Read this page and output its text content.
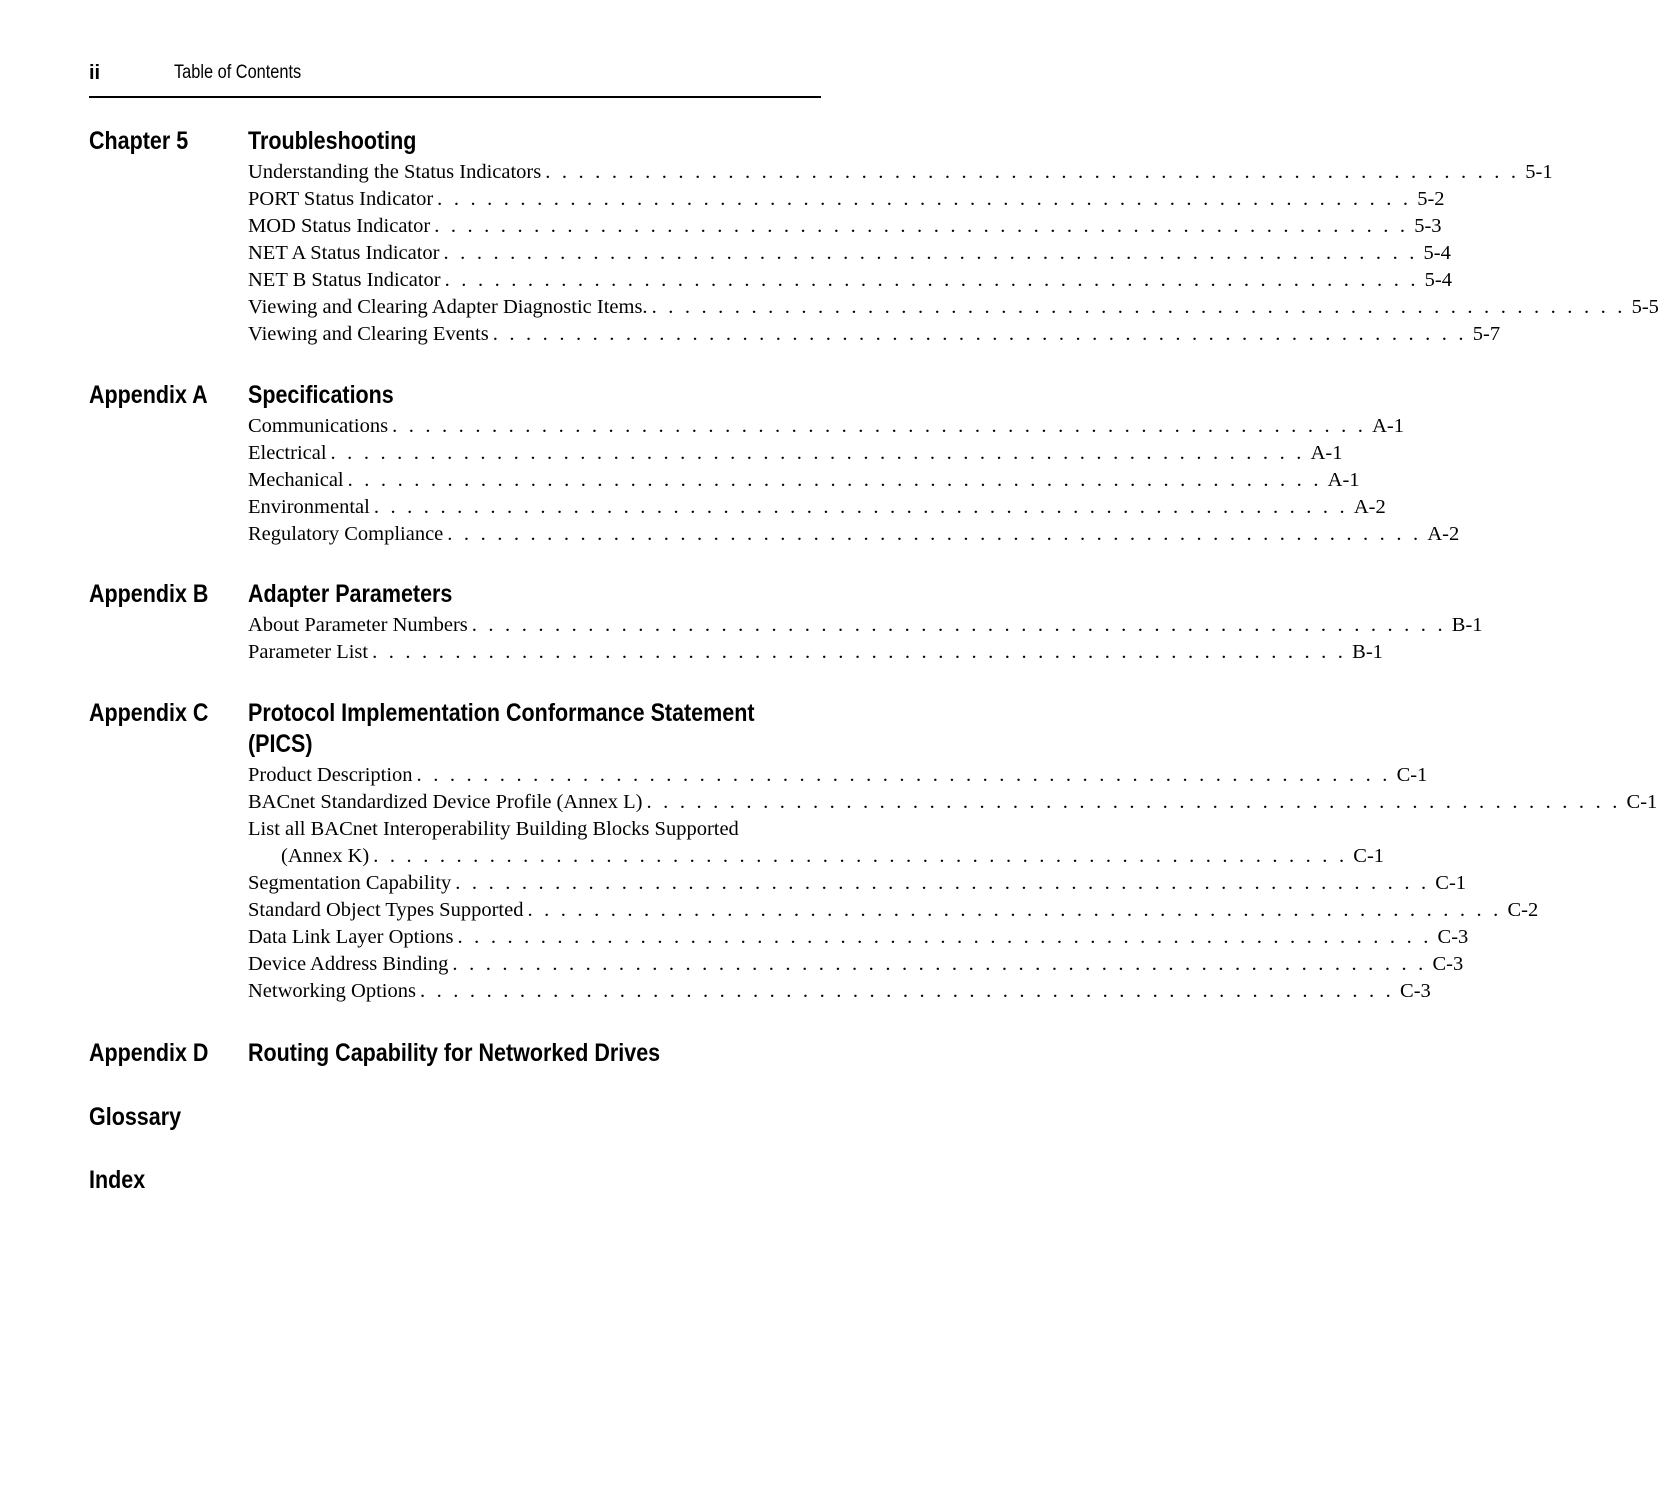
ii	Table of Contents
Chapter 5 Troubleshooting
Understanding the Status Indicators . . . . . . . . . . . . . . . . . . . . . . . . . . . . . . . . . . . . . . . . . . . . . . . . . . . . . . . . . . . 5-1
PORT Status Indicator . . . . . . . . . . . . . . . . . . . . . . . . . . . . . . . . . . . . . . . . . . . . . . . . . . . . . . . . . . . 5-2
MOD Status Indicator . . . . . . . . . . . . . . . . . . . . . . . . . . . . . . . . . . . . . . . . . . . . . . . . . . . . . . . . . . . 5-3
NET A Status Indicator . . . . . . . . . . . . . . . . . . . . . . . . . . . . . . . . . . . . . . . . . . . . . . . . . . . . . . . . . . . 5-4
NET B Status Indicator . . . . . . . . . . . . . . . . . . . . . . . . . . . . . . . . . . . . . . . . . . . . . . . . . . . . . . . . . . . 5-4
Viewing and Clearing Adapter Diagnostic Items. . . . . . . . . . . . . . . . . . . . . . . . . . . . . . . . . . . . . . . . . . . . . . . . . . . . . . . . . . . . 5-5
Viewing and Clearing Events . . . . . . . . . . . . . . . . . . . . . . . . . . . . . . . . . . . . . . . . . . . . . . . . . . . . . . . . . . . 5-7
Appendix A Specifications
Communications . . . . . . . . . . . . . . . . . . . . . . . . . . . . . . . . . . . . . . . . . . . . . . . . . . . . . . . . . . . A-1
Electrical . . . . . . . . . . . . . . . . . . . . . . . . . . . . . . . . . . . . . . . . . . . . . . . . . . . . . . . . . . . A-1
Mechanical . . . . . . . . . . . . . . . . . . . . . . . . . . . . . . . . . . . . . . . . . . . . . . . . . . . . . . . . . . . A-1
Environmental . . . . . . . . . . . . . . . . . . . . . . . . . . . . . . . . . . . . . . . . . . . . . . . . . . . . . . . . . . . A-2
Regulatory Compliance . . . . . . . . . . . . . . . . . . . . . . . . . . . . . . . . . . . . . . . . . . . . . . . . . . . . . . . . . . . A-2
Appendix B Adapter Parameters
About Parameter Numbers . . . . . . . . . . . . . . . . . . . . . . . . . . . . . . . . . . . . . . . . . . . . . . . . . . . . . . . . . . . B-1
Parameter List . . . . . . . . . . . . . . . . . . . . . . . . . . . . . . . . . . . . . . . . . . . . . . . . . . . . . . . . . . . B-1
Appendix C Protocol Implementation Conformance Statement (PICS)
Product Description . . . . . . . . . . . . . . . . . . . . . . . . . . . . . . . . . . . . . . . . . . . . . . . . . . . . . . . . . . . C-1
BACnet Standardized Device Profile (Annex L) . . . . . . . . . . . . . . . . . . . . . . . . . . . . . . . . . . . . . . . . . . . . . . . . . . . . . . . . . . . C-1
List all BACnet Interoperability Building Blocks Supported
(Annex K) . . . . . . . . . . . . . . . . . . . . . . . . . . . . . . . . . . . . . . . . . . . . . . . . . . . . . . . . . . . C-1
Segmentation Capability . . . . . . . . . . . . . . . . . . . . . . . . . . . . . . . . . . . . . . . . . . . . . . . . . . . . . . . . . . . C-1
Standard Object Types Supported . . . . . . . . . . . . . . . . . . . . . . . . . . . . . . . . . . . . . . . . . . . . . . . . . . . . . . . . . . . C-2
Data Link Layer Options . . . . . . . . . . . . . . . . . . . . . . . . . . . . . . . . . . . . . . . . . . . . . . . . . . . . . . . . . . . C-3
Device Address Binding . . . . . . . . . . . . . . . . . . . . . . . . . . . . . . . . . . . . . . . . . . . . . . . . . . . . . . . . . . . C-3
Networking Options . . . . . . . . . . . . . . . . . . . . . . . . . . . . . . . . . . . . . . . . . . . . . . . . . . . . . . . . . . . C-3
Appendix D Routing Capability for Networked Drives
Glossary
Index
